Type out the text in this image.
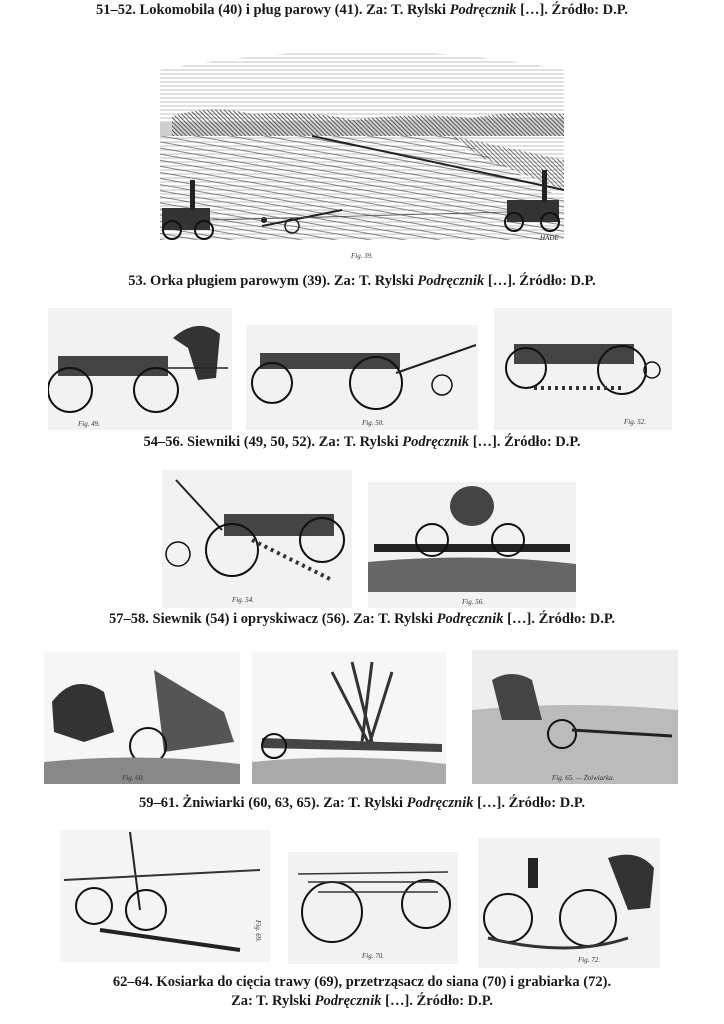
51–52. Lokomobila (40) i pług parowy (41). Za: T. Rylski Podręcznik […]. Źródło: D.P.
Fig. 39.
HADE
53. Orka pługiem parowym (39). Za: T. Rylski Podręcznik […]. Źródło: D.P.
Fig. 49.	Fig. 50.	Fig. 52.
54–56. Siewniki (49, 50, 52). Za: T. Rylski Podręcznik […]. Źródło: D.P.
Fig. 54.	Fig. 56.
57–58. Siewnik (54) i opryskiwacz (56). Za: T. Rylski Podręcznik […]. Źródło: D.P.
Fig. 60.	Fig. 65. — Żniwiarka.
59–61. Żniwiarki (60, 63, 65). Za: T. Rylski Podręcznik […]. Źródło: D.P.
Fig. 69.
Fig. 70.	Fig. 72.
62–64. Kosiarka do cięcia trawy (69), przetrząsacz do siana (70) i grabiarka (72).
Za: T. Rylski Podręcznik […]. Źródło: D.P.
